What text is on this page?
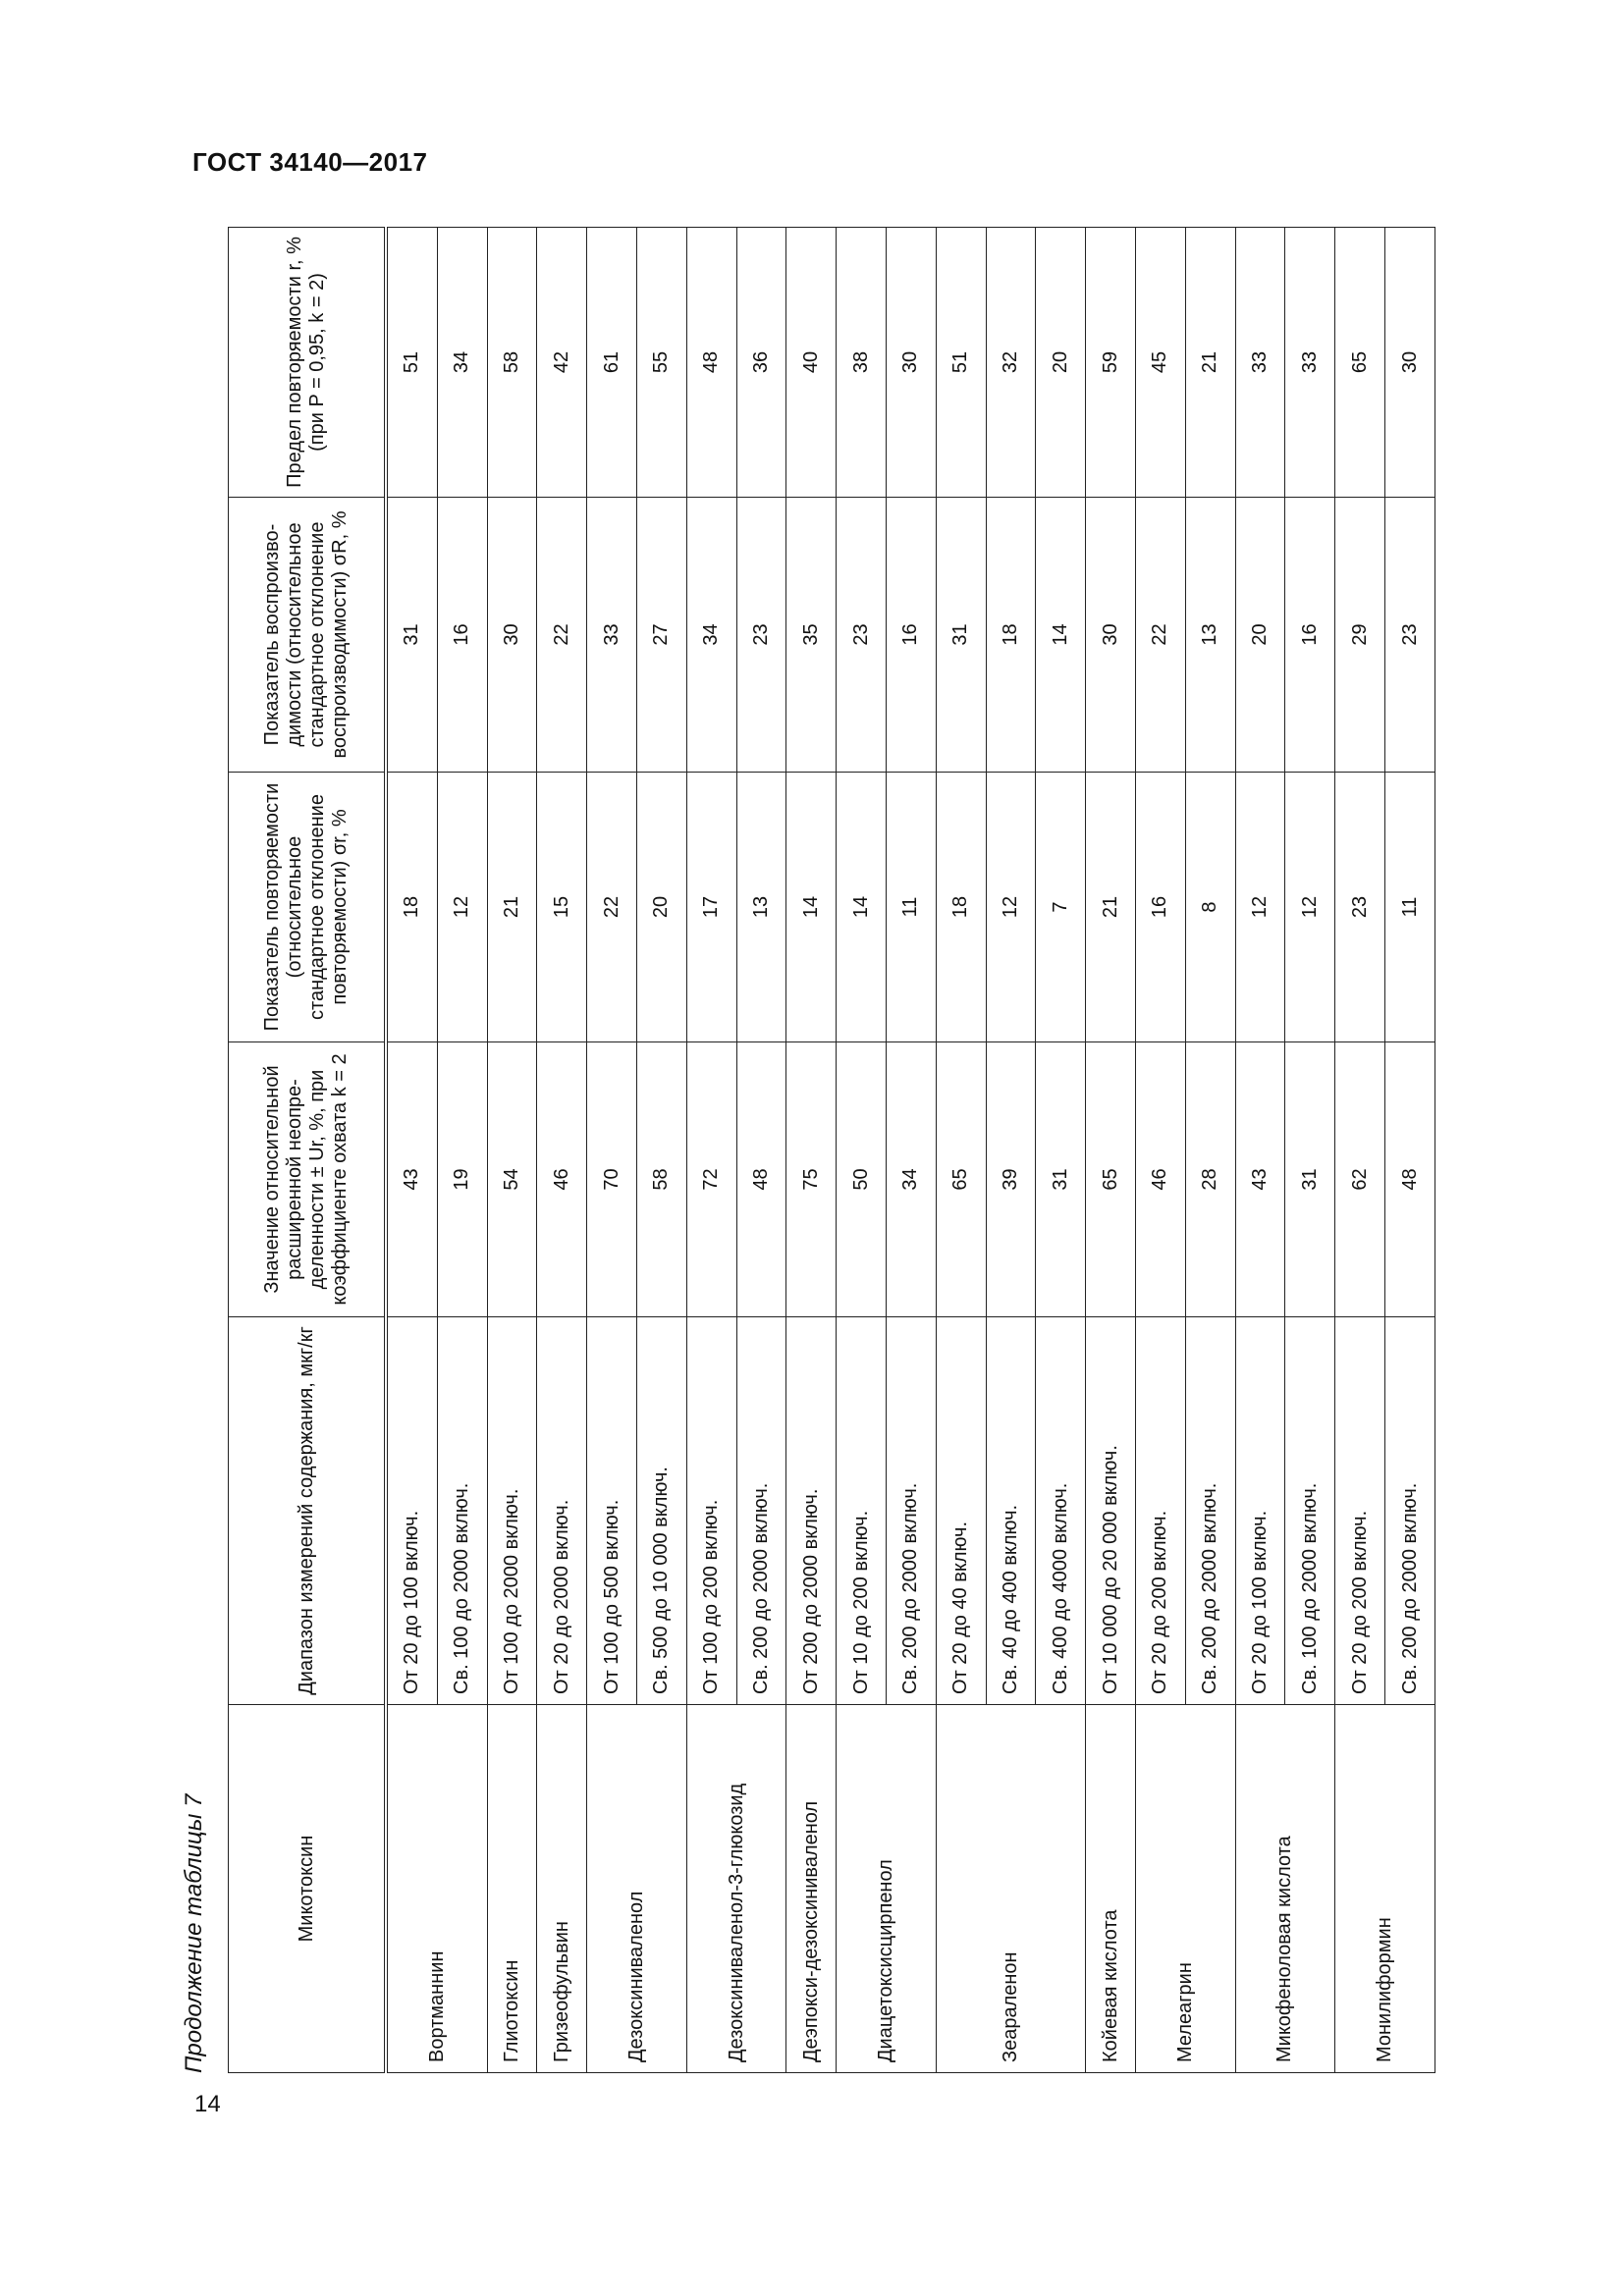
ГОСТ 34140—2017
14
Продолжение таблицы 7	Микотоксин	Диапазон измерений содержания, мкг/кг	Значение относительной расширенной неопределенности ± Ur, %, при коэффициенте охвата k = 2	Показатель повторяемости (относительное стандартное отклонение повторяемости) σr, %	Показатель воспроизводимости (относительное стандартное отклонение воспроизводимости) σR, %	Предел повторяемости r, % (при P = 0,95, k = 2)
Вортманнин	От 20 до 100 включ.	43	18	31	51
	Св. 100 до 2000 включ.	19	12	16	34
Глиотоксин	От 100 до 2000 включ.	54	21	30	58
Гризеофульвин	От 20 до 2000 включ.	46	15	22	42
Дезоксиниваленол	От 100 до 500 включ.	70	22	33	61
	Св. 500 до 10 000 включ.	58	20	27	55
Дезоксиниваленол-3-глюкозид	От 100 до 200 включ.	72	17	34	48
	Св. 200 до 2000 включ.	48	13	23	36
Деэпокси-дезоксиниваленол	От 200 до 2000 включ.	75	14	35	40
Диацетоксисцирпенол	От 10 до 200 включ.	50	14	23	38
	Св. 200 до 2000 включ.	34	11	16	30
Зеараленон	От 20 до 40 включ.	65	18	31	51
	Св. 40 до 400 включ.	39	12	18	32
	Св. 400 до 4000 включ.	31	7	14	20
Койевая кислота	От 10 000 до 20 000 включ.	65	21	30	59
Мелеагрин	От 20 до 200 включ.	46	16	22	45
	Св. 200 до 2000 включ.	28	8	13	21
Микофеноловая кислота	От 20 до 100 включ.	43	12	20	33
	Св. 100 до 2000 включ.	31	12	16	33
Монилиформин	От 20 до 200 включ.	62	23	29	65
	Св. 200 до 2000 включ.	48	11	23	30
